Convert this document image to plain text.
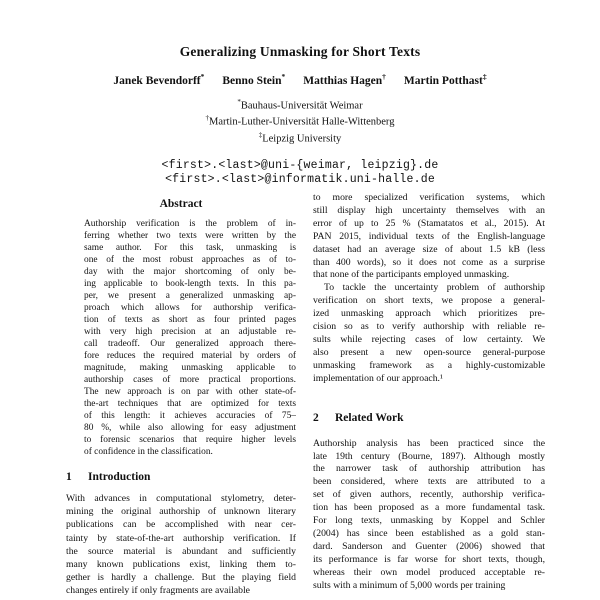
Generalizing Unmasking for Short Texts
Janek Bevendorff* Benno Stein* Matthias Hagen† Martin Potthast‡
*Bauhaus-Universität Weimar
†Martin-Luther-Universität Halle-Wittenberg
‡Leipzig University
<first>.<last>@uni-{weimar, leipzig}.de
<first>.<last>@informatik.uni-halle.de
Abstract
Authorship verification is the problem of in-
ferring whether two texts were written by the
same author. For this task, unmasking is
one of the most robust approaches as of to-
day with the major shortcoming of only be-
ing applicable to book-length texts. In this pa-
per, we present a generalized unmasking ap-
proach which allows for authorship verifica-
tion of texts as short as four printed pages
with very high precision at an adjustable re-
call tradeoff. Our generalized approach there-
fore reduces the required material by orders of
magnitude, making unmasking applicable to
authorship cases of more practical proportions.
The new approach is on par with other state-of-
the-art techniques that are optimized for texts
of this length: it achieves accuracies of 75–
80 %, while also allowing for easy adjustment
to forensic scenarios that require higher levels
of confidence in the classification.
1	Introduction
With advances in computational stylometry, deter-
mining the original authorship of unknown literary
publications can be accomplished with near cer-
tainty by state-of-the-art authorship verification. If
the source material is abundant and sufficiently
many known publications exist, linking them to-
gether is hardly a challenge. But the playing field
changes entirely if only fragments are available
to more specialized verification systems, which
still display high uncertainty themselves with an
error of up to 25 % (Stamatatos et al., 2015). At
PAN 2015, individual texts of the English-language
dataset had an average size of about 1.5 kB (less
than 400 words), so it does not come as a surprise
that none of the participants employed unmasking.
To tackle the uncertainty problem of authorship
verification on short texts, we propose a general-
ized unmasking approach which prioritizes pre-
cision so as to verify authorship with reliable re-
sults while rejecting cases of low certainty. We
also present a new open-source general-purpose
unmasking framework as a highly-customizable
implementation of our approach.¹
2	Related Work
Authorship analysis has been practiced since the
late 19th century (Bourne, 1897). Although mostly
the narrower task of authorship attribution has
been considered, where texts are attributed to a
set of given authors, recently, authorship verifica-
tion has been proposed as a more fundamental task.
For long texts, unmasking by Koppel and Schler
(2004) has since been established as a gold stan-
dard. Sanderson and Guenter (2006) showed that
its performance is far worse for short texts, though,
whereas their own model produced acceptable re-
sults with a minimum of 5,000 words per training
